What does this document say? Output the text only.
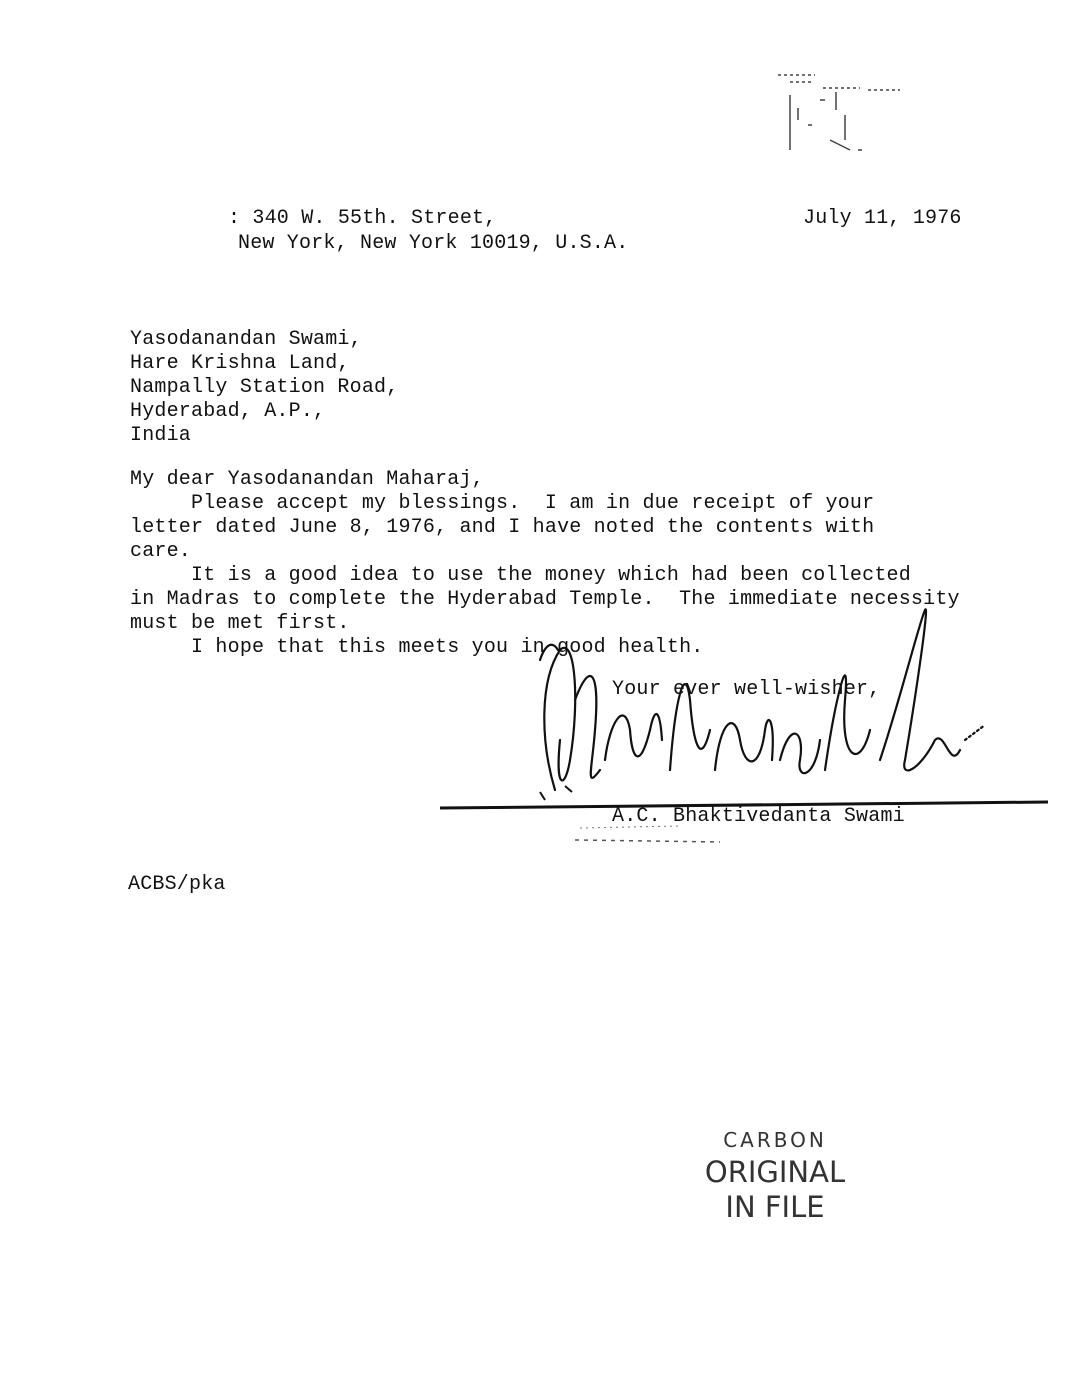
: 340 W. 55th. Street,
New York, New York 10019, U.S.A.
July 11, 1976
Yasodanandan Swami,
Hare Krishna Land,
Nampally Station Road,
Hyderabad, A.P.,
India
My dear Yasodanandan Maharaj,
Please accept my blessings.  I am in due receipt of your
letter dated June 8, 1976, and I have noted the contents with
care.
It is a good idea to use the money which had been collected
in Madras to complete the Hyderabad Temple.  The immediate necessity
must be met first.
I hope that this meets you in good health.
Your ever well-wisher,
A.C. Bhaktivedanta Swami
ACBS/pka
CARBON
ORIGINAL
IN FILE
